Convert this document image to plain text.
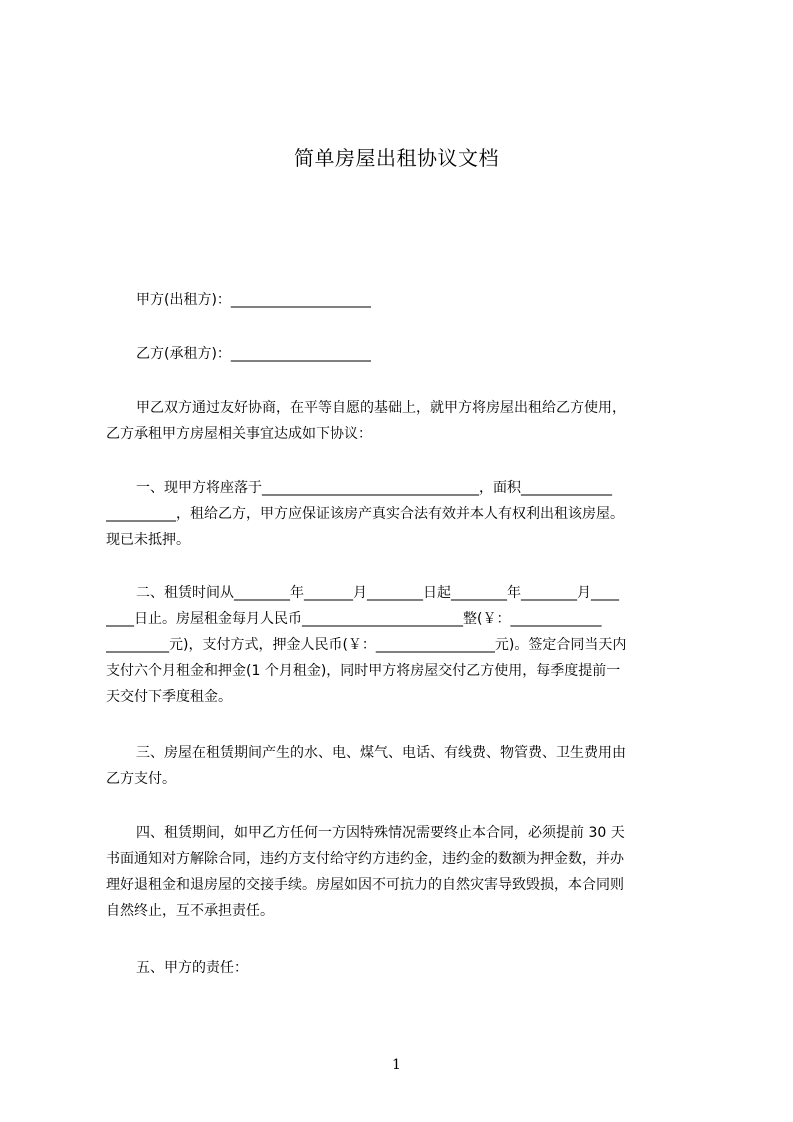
简单房屋出租协议文档
甲方(出租方)：____________________
乙方(承租方)：____________________
甲乙双方通过友好协商，在平等自愿的基础上，就甲方将房屋出租给乙方使用，
乙方承租甲方房屋相关事宜达成如下协议：
一、现甲方将座落于_______________________________，面积_____________
__________，租给乙方，甲方应保证该房产真实合法有效并本人有权利出租该房屋。
现已未抵押。
二、租赁时间从________年_______月________日起________年________月____
____日止。房屋租金每月人民币_______________________整(￥：_____________
_________元)，支付方式，押金人民币(￥：_________________元)。签定合同当天内
支付六个月租金和押金(1 个月租金)，同时甲方将房屋交付乙方使用，每季度提前一
天交付下季度租金。
三、房屋在租赁期间产生的水、电、煤气、电话、有线费、物管费、卫生费用由
乙方支付。
四、租赁期间，如甲乙方任何一方因特殊情况需要终止本合同，必须提前 30 天
书面通知对方解除合同，违约方支付给守约方违约金，违约金的数额为押金数，并办
理好退租金和退房屋的交接手续。房屋如因不可抗力的自然灾害导致毁损，本合同则
自然终止，互不承担责任。
五、甲方的责任：
1
